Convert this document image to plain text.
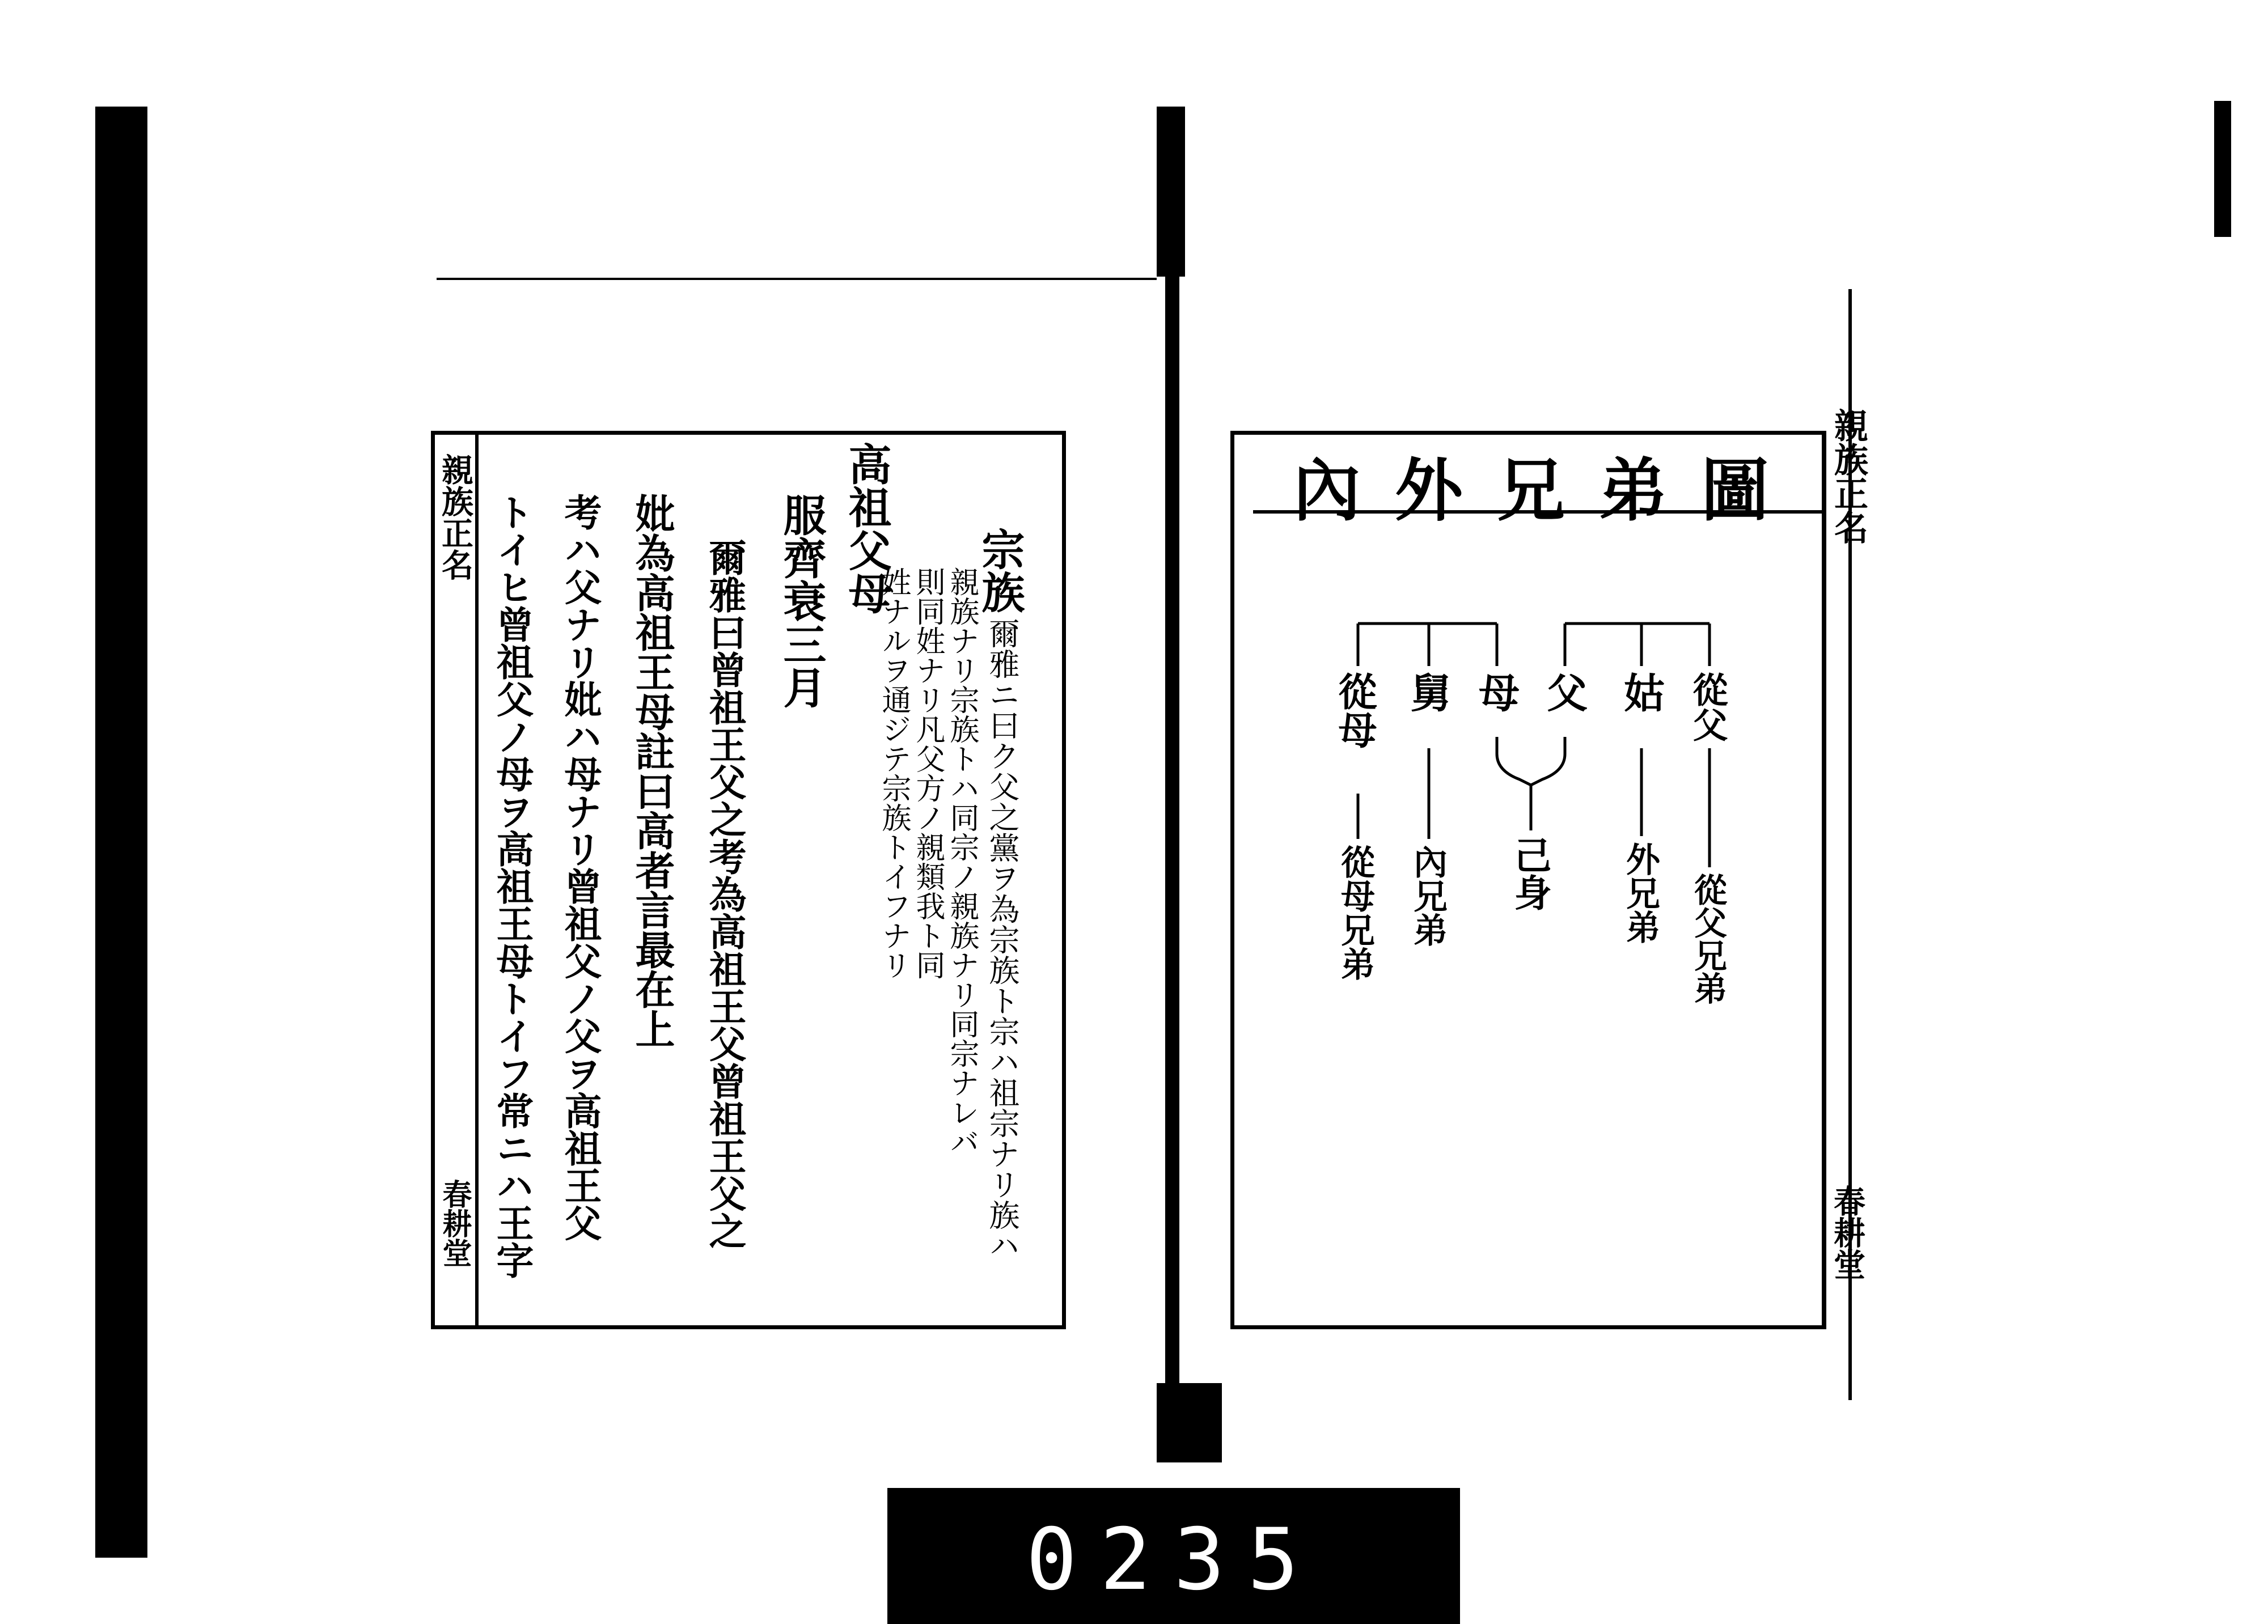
親族正名
春耕堂
宗族
爾雅ニ曰ク父之黨ヲ為宗族ト宗ハ祖宗ナリ族ハ
親族ナリ宗族トハ同宗ノ親族ナリ同宗ナレバ
則同姓ナリ凡父方ノ親類我ト同
姓ナルヲ通ジテ宗族トイフナリ
高祖父母
服齊衰三月
爾雅曰曾祖王父之考為高祖王父曾祖王父之
妣為高祖王母註曰高者言最在上
考ハ父ナリ妣ハ母ナリ曾祖父ノ父ヲ高祖王父
トイヒ曾祖父ノ母ヲ高祖王母トイフ常ニハ王字
內外兄弟圖 親族正名
春耕堂
從父
姑
父
母
舅
從母
己身	從父兄弟
外兄弟
內兄弟
從母兄弟
0235
